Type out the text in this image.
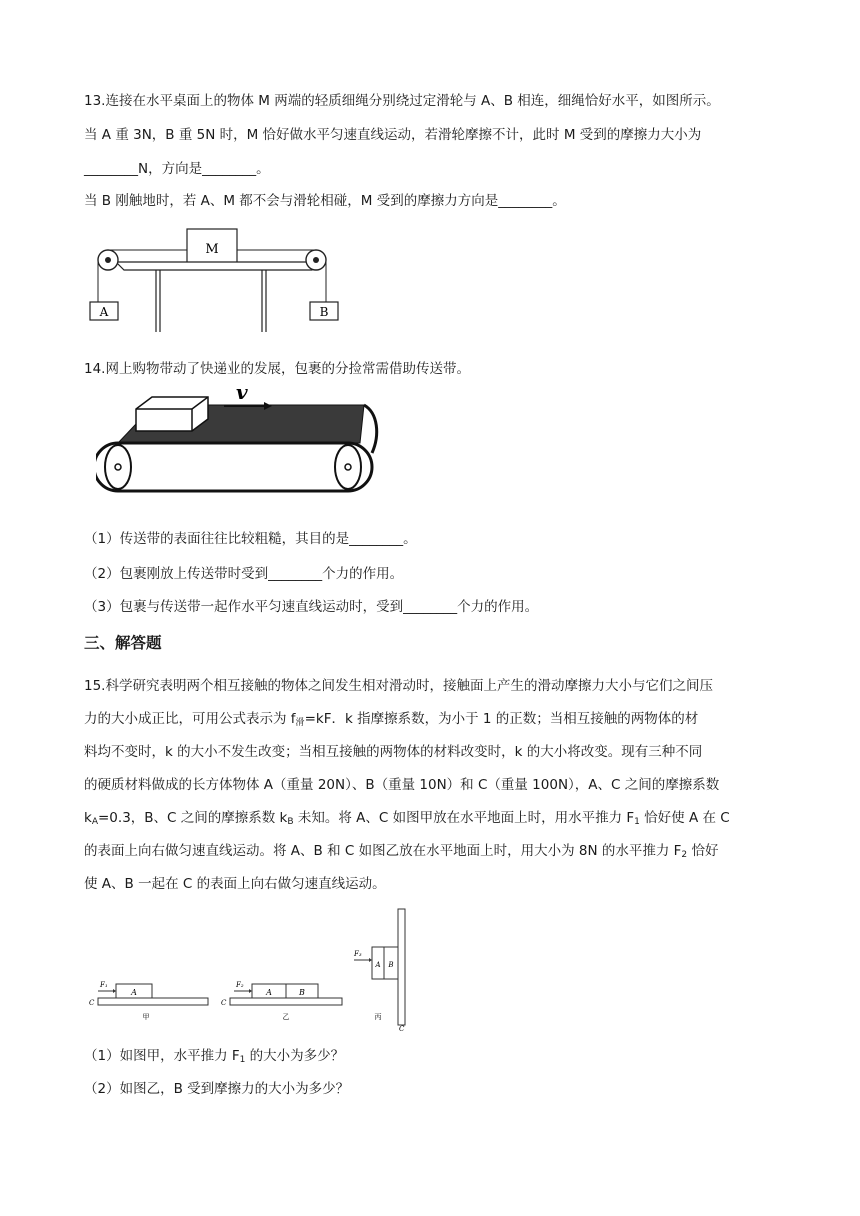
13.连接在水平桌面上的物体 M 两端的轻质细绳分别绕过定滑轮与 A、B 相连，细绳恰好水平，如图所示。
当 A 重 3N，B 重 5N 时，M 恰好做水平匀速直线运动，若滑轮摩擦不计，此时 M 受到的摩擦力大小为
________N，方向是________。
当 B 刚触地时，若 A、M 都不会与滑轮相碰，M 受到的摩擦力方向是________。
M
A	B
14.网上购物带动了快递业的发展，包裹的分捡常需借助传送带。
v
（1）传送带的表面往往比较粗糙，其目的是________。
（2）包裹刚放上传送带时受到________个力的作用。
（3）包裹与传送带一起作水平匀速直线运动时，受到________个力的作用。
三、解答题
15.科学研究表明两个相互接触的物体之间发生相对滑动时，接触面上产生的滑动摩擦力大小与它们之间压
力的大小成正比，可用公式表示为 $f_滑=kF$．k 指摩擦系数，为小于 1 的正数；当相互接触的两物体的材
料均不变时，k 的大小不发生改变；当相互接触的两物体的材料改变时，k 的大小将改变。现有三种不同
的硬质材料做成的长方体物体 A（重量 20N）、B（重量 10N）和 C（重量 100N），A、C 之间的摩擦系数
$k_A=0.3$，B、C 之间的摩擦系数 $k_B$ 未知。将 A、C 如图甲放在水平地面上时，用水平推力 $F_1$ 恰好使 A 在 C
的表面上向右做匀速直线运动。将 A、B 和 C 如图乙放在水平地面上时，用大小为 8N 的水平推力 $F_2$ 恰好
使 A、B 一起在 C 的表面上向右做匀速直线运动。
C
A
F₁
甲
C
A	B
F₂
乙
C
A B
F₃
丙
（1）如图甲，水平推力 $F_1$ 的大小为多少？
（2）如图乙，B 受到摩擦力的大小为多少？
